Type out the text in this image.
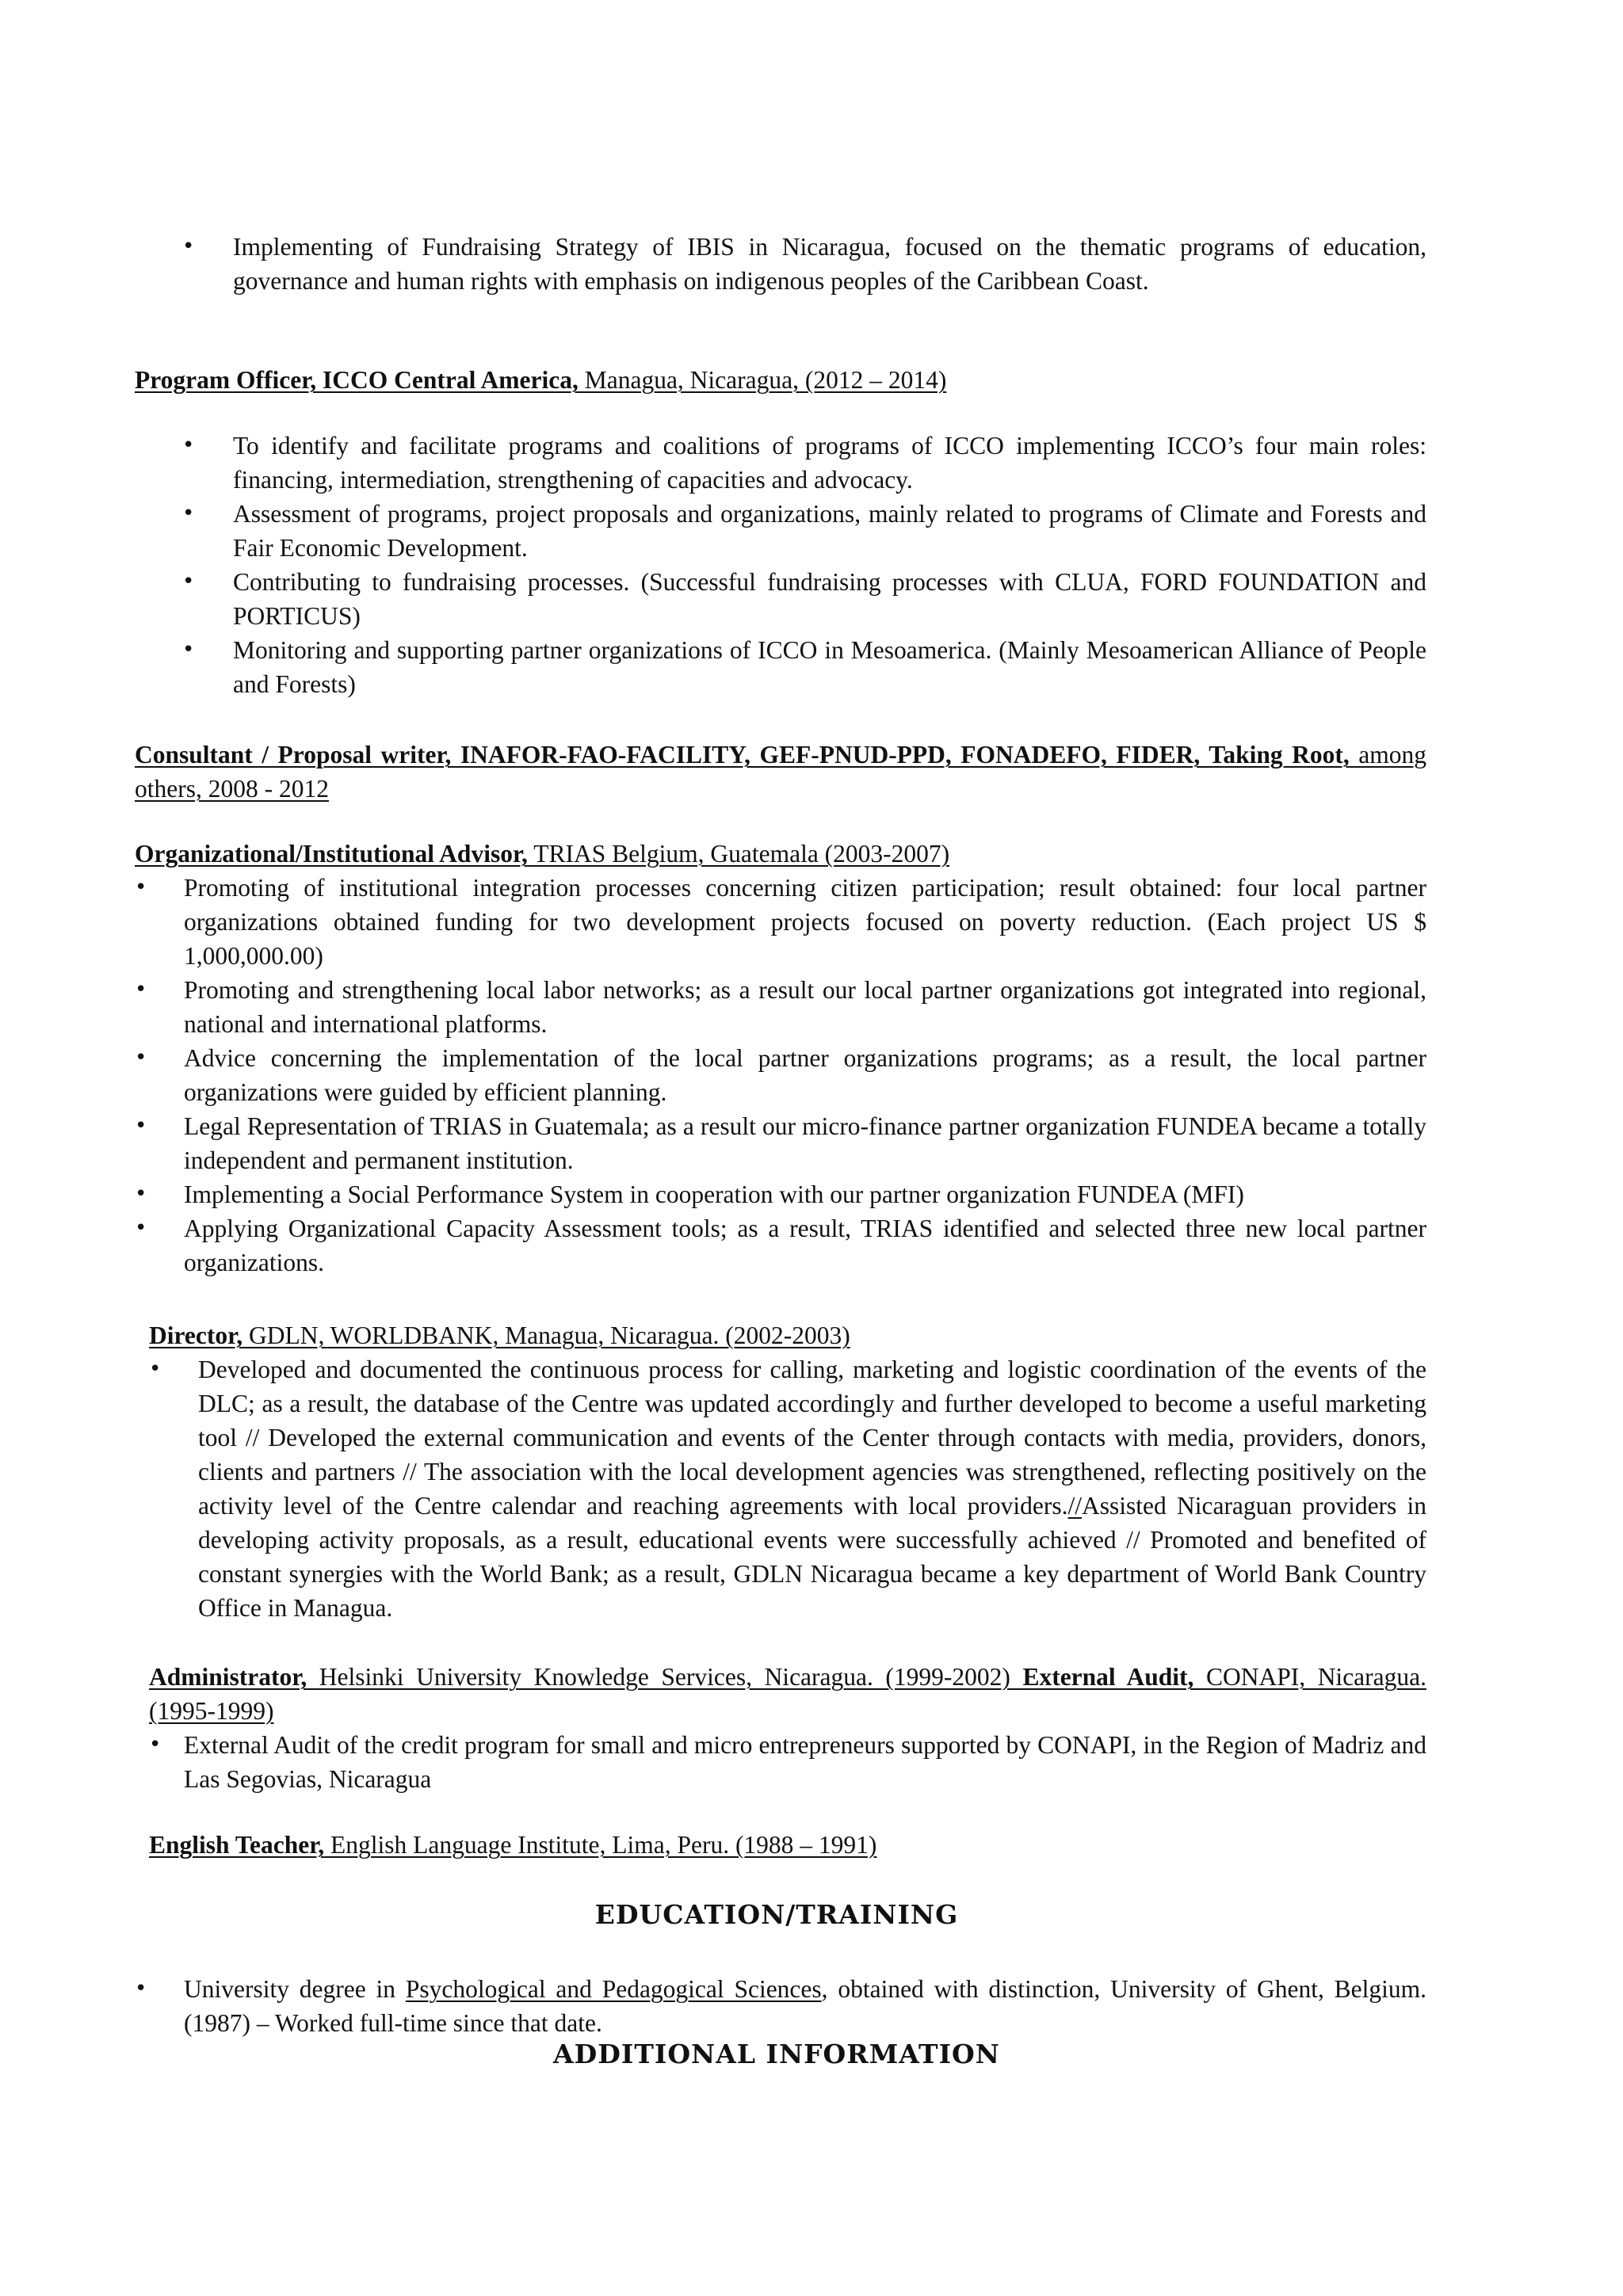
• Implementing of Fundraising Strategy of IBIS in Nicaragua, focused on the thematic programs of education, governance and human rights with emphasis on indigenous peoples of the Caribbean Coast.
Program Officer, ICCO Central America, Managua, Nicaragua, (2012 – 2014)
• To identify and facilitate programs and coalitions of programs of ICCO implementing ICCO’s four main roles: financing, intermediation, strengthening of capacities and advocacy.
• Assessment of programs, project proposals and organizations, mainly related to programs of Climate and Forests and Fair Economic Development.
• Contributing to fundraising processes. (Successful fundraising processes with CLUA, FORD FOUNDATION and PORTICUS)
• Monitoring and supporting partner organizations of ICCO in Mesoamerica. (Mainly Mesoamerican Alliance of People and Forests)
Consultant / Proposal writer, INAFOR-FAO-FACILITY, GEF-PNUD-PPD, FONADEFO, FIDER, Taking Root, among others, 2008 - 2012
Organizational/Institutional Advisor, TRIAS Belgium, Guatemala (2003-2007)
• Promoting of institutional integration processes concerning citizen participation; result obtained: four local partner organizations obtained funding for two development projects focused on poverty reduction. (Each project US $ 1,000,000.00)
• Promoting and strengthening local labor networks; as a result our local partner organizations got integrated into regional, national and international platforms.
• Advice concerning the implementation of the local partner organizations programs; as a result, the local partner organizations were guided by efficient planning.
• Legal Representation of TRIAS in Guatemala; as a result our micro-finance partner organization FUNDEA became a totally independent and permanent institution.
• Implementing a Social Performance System in cooperation with our partner organization FUNDEA (MFI)
• Applying Organizational Capacity Assessment tools; as a result, TRIAS identified and selected three new local partner organizations.
Director, GDLN, WORLDBANK, Managua, Nicaragua. (2002-2003)
• Developed and documented the continuous process for calling, marketing and logistic coordination of the events of the DLC; as a result, the database of the Centre was updated accordingly and further developed to become a useful marketing tool // Developed the external communication and events of the Center through contacts with media, providers, donors, clients and partners // The association with the local development agencies was strengthened, reflecting positively on the activity level of the Centre calendar and reaching agreements with local providers.//Assisted Nicaraguan providers in developing activity proposals, as a result, educational events were successfully achieved // Promoted and benefited of constant synergies with the World Bank; as a result, GDLN Nicaragua became a key department of World Bank Country Office in Managua.
Administrator, Helsinki University Knowledge Services, Nicaragua. (1999-2002) External Audit, CONAPI, Nicaragua. (1995-1999)
• External Audit of the credit program for small and micro entrepreneurs supported by CONAPI, in the Region of Madriz and Las Segovias, Nicaragua
English Teacher, English Language Institute, Lima, Peru. (1988 – 1991)
EDUCATION/TRAINING
• University degree in Psychological and Pedagogical Sciences, obtained with distinction, University of Ghent, Belgium. (1987) – Worked full-time since that date.
ADDITIONAL INFORMATION
